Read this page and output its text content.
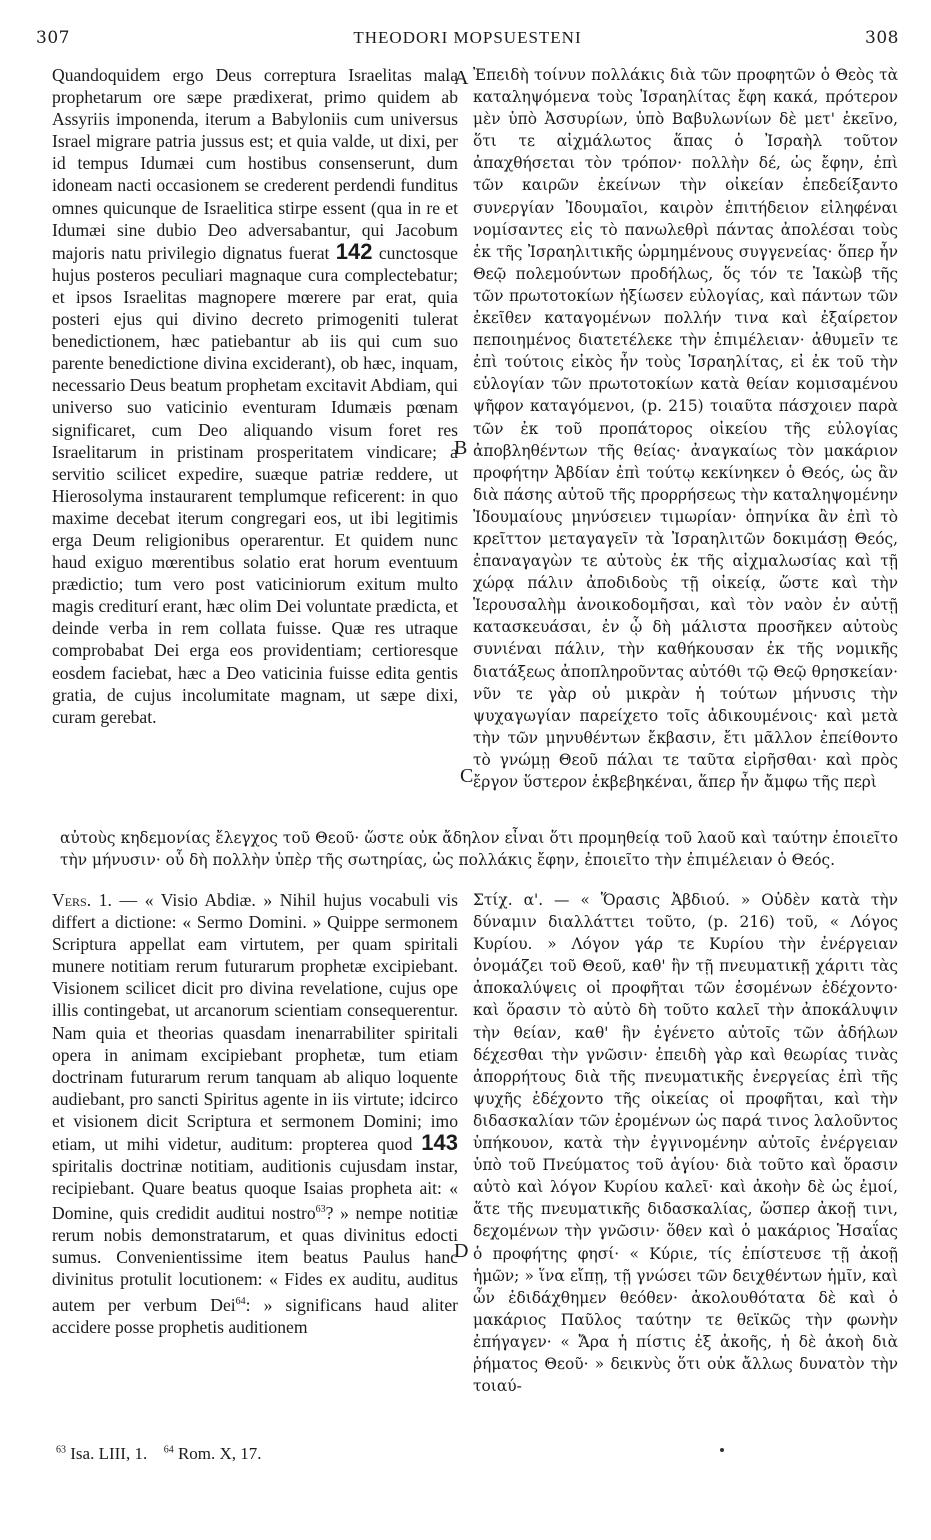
307	THEODORI MOPSUESTENI	308

Quandoquidem ergo Deus correptura Israelitas mala prophetarum ore sæpe prædixerat, primo quidem ab Assyriis imponenda, iterum a Babyloniis cum universus Israel migrare patria jussus est; et quia valde, ut dixi, per id tempus Idumæi cum hostibus consenserunt, dum idoneam nacti occasionem se crederent perdendi funditus omnes quicunque de Israelitica stirpe essent (qua in re et Idumæi sine dubio Deo adversabantur, qui Jacobum majoris natu privilegio dignatus fuerat 142 cunctosque hujus posteros peculiari magnaque cura complectebatur; et ipsos Israelitas magnopere mœrere par erat, quia posteri ejus qui divino decreto primogeniti tulerat benedictionem, hæc patiebantur ab iis qui cum suo parente benedictione divina exciderant), ob hæc, inquam, necessario Deus beatum prophetam excitavit Abdiam, qui universo suo vaticinio eventuram Idumæis pœnam significaret, cum Deo aliquando visum foret res Israelitarum in pristinam prosperitatem vindicare; a servitio scilicet expedire, suæque patriæ reddere, ut Hierosolyma instaurarent templumque reficerent: in quo maxime decebat iterum congregari eos, ut ibi legitimis erga Deum religionibus operarentur. Et quidem nunc haud exiguo mœrentibus solatio erat horum eventuum prædictio; tum vero post vaticiniorum exitum multo magis crediturí erant, hæc olim Dei voluntate prædicta, et deinde verba in rem collata fuisse. Quæ res utraque comprobabat Dei erga eos providentiam; certioresque eosdem faciebat, hæc a Deo vaticinia fuisse edita gentis gratia, de cujus incolumitate magnam, ut sæpe dixi, curam gerebat.

A
B
C
D

Ἐπειδὴ τοίνυν πολλάκις διὰ τῶν προφητῶν ὁ Θεὸς τὰ καταληψόμενα τοὺς Ἰσραηλίτας ἔφη κακά, πρότερον μὲν ὑπὸ Ἀσσυρίων, ὑπὸ Βαβυλωνίων δὲ μετ' ἐκεῖνο, ὅτι τε αἰχμάλωτος ἅπας ὁ Ἰσραὴλ τοῦτον ἀπαχθήσεται τὸν τρόπον· πολλὴν δέ, ὡς ἔφην, ἐπὶ τῶν καιρῶν ἐκείνων τὴν οἰκείαν ἐπεδείξαντο συνεργίαν Ἰδουμαῖοι, καιρὸν ἐπιτήδειον εἰληφέναι νομίσαντες εἰς τὸ πανωλεθρὶ πάντας ἀπολέσαι τοὺς ἐκ τῆς Ἰσραηλιτικῆς ὡρμημένους συγγενείας· ὅπερ ἦν Θεῷ πολεμούντων προδήλως, ὅς τόν τε Ἰακὼβ τῆς τῶν πρωτοτοκίων ἠξίωσεν εὐλογίας, καὶ πάντων τῶν ἐκεῖθεν καταγομένων πολλήν τινα καὶ ἐξαίρετον πεποιημένος διατετέλεκε τὴν ἐπιμέλειαν· ἀθυμεῖν τε ἐπὶ τούτοις εἰκὸς ἦν τοὺς Ἰσραηλίτας, εἰ ἐκ τοῦ τὴν εὐλογίαν τῶν πρωτοτοκίων κατὰ θείαν κομισαμένου ψῆφον καταγόμενοι, (p. 215) τοιαῦτα πάσχοιεν παρὰ τῶν ἐκ τοῦ προπάτορος οἰκείου τῆς εὐλογίας ἀποβληθέντων τῆς θείας· ἀναγκαίως τὸν μακάριον προφήτην Ἀβδίαν ἐπὶ τούτῳ κεκίνηκεν ὁ Θεός, ὡς ἂν διὰ πάσης αὐτοῦ τῆς προρρήσεως τὴν καταληψομένην Ἰδουμαίους μηνύσειεν τιμωρίαν· ὁπηνίκα ἂν ἐπὶ τὸ κρεῖττον μεταγαγεῖν τὰ Ἰσραηλιτῶν δοκιμάσῃ Θεός, ἐπαναγαγὼν τε αὐτοὺς ἐκ τῆς αἰχμαλωσίας καὶ τῇ χώρᾳ πάλιν ἀποδιδοὺς τῇ οἰκείᾳ, ὥστε καὶ τὴν Ἱερουσαλὴμ ἀνοικοδομῆσαι, καὶ τὸν ναὸν ἐν αὐτῇ κατασκευάσαι, ἐν ᾧ δὴ μάλιστα προσῆκεν αὐτοὺς συνιέναι πάλιν, τὴν καθήκουσαν ἐκ τῆς νομικῆς διατάξεως ἀποπληροῦντας αὐτόθι τῷ Θεῷ θρησκείαν· νῦν τε γὰρ οὐ μικρὰν ἡ τούτων μήνυσις τὴν ψυχαγωγίαν παρείχετο τοῖς ἀδικουμένοις· καὶ μετὰ τὴν τῶν μηνυθέντων ἔκβασιν, ἔτι μᾶλλον ἐπείθοντο τὸ γνώμῃ Θεοῦ πάλαι τε ταῦτα εἰρῆσθαι· καὶ πρὸς ἔργον ὕστερον ἐκβεβηκέναι, ἅπερ ἦν ἄμφω τῆς περὶ

αὐτοὺς κηδεμονίας ἔλεγχος τοῦ Θεοῦ· ὥστε οὐκ ἄδηλον εἶναι ὅτι προμηθείᾳ τοῦ λαοῦ καὶ ταύτην ἐποιεῖτο τὴν μήνυσιν· οὗ δὴ πολλὴν ὑπὲρ τῆς σωτηρίας, ὡς πολλάκις ἔφην, ἐποιεῖτο τὴν ἐπιμέλειαν ὁ Θεός.

Vers. 1. — « Visio Abdiæ. » Nihil hujus vocabuli vis differt a dictione: « Sermo Domini. » Quippe sermonem Scriptura appellat eam virtutem, per quam spiritali munere notitiam rerum futurarum prophetæ excipiebant. Visionem scilicet dicit pro divina revelatione, cujus ope illis contingebat, ut arcanorum scientiam consequerentur. Nam quia et theorias quasdam inenarrabiliter spiritali opera in animam excipiebant prophetæ, tum etiam doctrinam futurarum rerum tanquam ab aliquo loquente audiebant, pro sancti Spiritus agente in iis virtute; idcirco et visionem dicit Scriptura et sermonem Domini; imo etiam, ut mihi videtur, auditum: propterea quod 143 spiritalis doctrinæ notitiam, auditionis cujusdam instar, recipiebant. Quare beatus quoque Isaias propheta ait: « Domine, quis credidit auditui nostro$^{63}$? » nempe notitiæ rerum nobis demonstratarum, et quas divinitus edocti sumus. Convenientissime item beatus Paulus hanc divinitus protulit locutionem: « Fides ex auditu, auditus autem per verbum Dei$^{64}$: » significans haud aliter accidere posse prophetis auditionem

Στίχ. α'. — « Ὅρασις Ἀβδιού. » Οὐδὲν κατὰ τὴν δύναμιν διαλλάττει τοῦτο, (p. 216) τοῦ, « Λόγος Κυρίου. » Λόγον γάρ τε Κυρίου τὴν ἐνέργειαν ὀνομάζει τοῦ Θεοῦ, καθ' ἣν τῇ πνευματικῇ χάριτι τὰς ἀποκαλύψεις οἱ προφῆται τῶν ἐσομένων ἐδέχοντο· καὶ ὅρασιν τὸ αὐτὸ δὴ τοῦτο καλεῖ τὴν ἀποκάλυψιν τὴν θείαν, καθ' ἣν ἐγένετο αὐτοῖς τῶν ἀδήλων δέχεσθαι τὴν γνῶσιν· ἐπειδὴ γὰρ καὶ θεωρίας τινὰς ἀπορρήτους διὰ τῆς πνευματικῆς ἐνεργείας ἐπὶ τῆς ψυχῆς ἐδέχοντο τῆς οἰκείας οἱ προφῆται, καὶ τὴν διδασκαλίαν τῶν ἐρομένων ὡς παρά τινος λαλοῦντος ὑπήκουον, κατὰ τὴν ἐγγινομένην αὐτοῖς ἐνέργειαν ὑπὸ τοῦ Πνεύματος τοῦ ἁγίου· διὰ τοῦτο καὶ ὅρασιν αὐτὸ καὶ λόγον Κυρίου καλεῖ· καὶ ἀκοὴν δὲ ὡς ἐμοί, ἅτε τῆς πνευματικῆς διδασκαλίας, ὥσπερ ἀκοῇ τινι, δεχομένων τὴν γνῶσιν· ὅθεν καὶ ὁ μακάριος Ἡσαΐας ὁ προφήτης φησί· « Κύριε, τίς ἐπίστευσε τῇ ἀκοῇ ἡμῶν; » ἵνα εἴπῃ, τῇ γνώσει τῶν δειχθέντων ἡμῖν, καὶ ὧν ἐδιδάχθημεν θεόθεν· ἀκολουθότατα δὲ καὶ ὁ μακάριος Παῦλος ταύτην τε θεϊκῶς τὴν φωνὴν ἐπήγαγεν· « Ἄρα ἡ πίστις ἐξ ἀκοῆς, ἡ δὲ ἀκοὴ διὰ ῥήματος Θεοῦ· » δεικνὺς ὅτι οὐκ ἄλλως δυνατὸν τὴν τοιαύ-

$^{63}$ Isa. LIII, 1. $^{64}$ Rom. X, 17.
